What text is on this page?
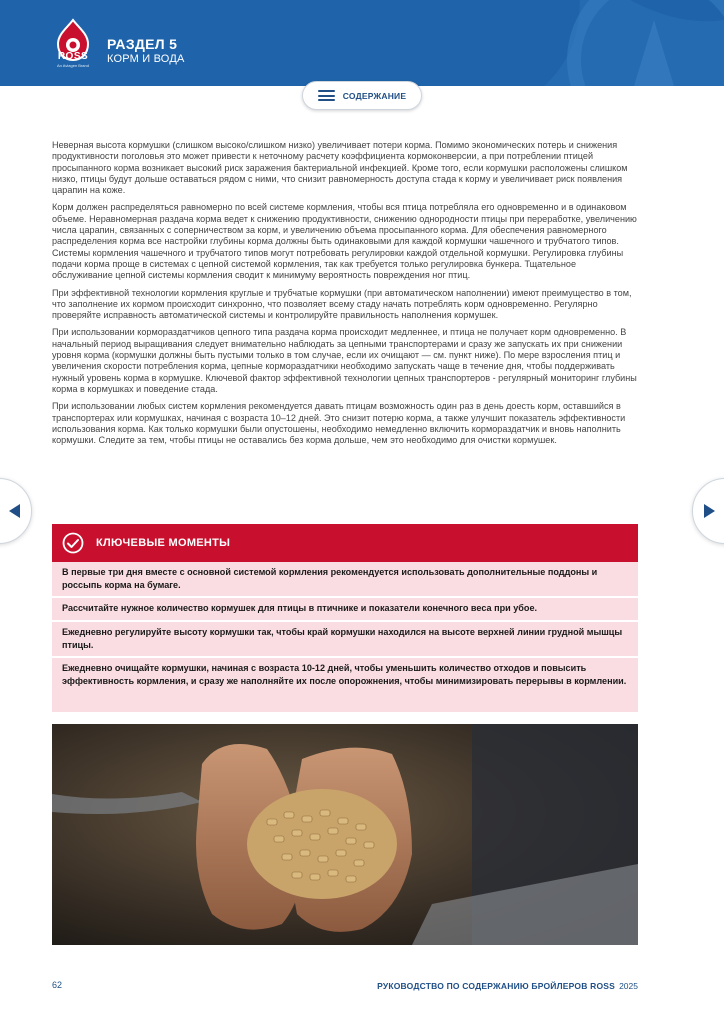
ROSS
An Aviagen Brand
РАЗДЕЛ 5
КОРМ И ВОДА
СОДЕРЖАНИЕ

Неверная высота кормушки (слишком высоко/слишком низко) увеличивает потери корма. Помимо экономических потерь и снижения продуктивности поголовья это может привести к неточному расчету коэффициента кормоконверсии, а при потреблении птицей просыпанного корма возникает высокий риск заражения бактериальной инфекцией. Кроме того, если кормушки расположены слишком низко, птицы будут дольше оставаться рядом с ними, что снизит равномерность доступа стада к корму и увеличивает риск появления царапин на коже.

Корм должен распределяться равномерно по всей системе кормления, чтобы вся птица потребляла его одновременно и в одинаковом объеме. Неравномерная раздача корма ведет к снижению продуктивности, снижению однородности птицы при переработке, увеличению числа царапин, связанных с соперничеством за корм, и увеличению объема просыпанного корма. Для обеспечения равномерного распределения корма все настройки глубины корма должны быть одинаковыми для каждой кормушки чашечного и трубчатого типов. Системы кормления чашечного и трубчатого типов могут потребовать регулировки каждой отдельной кормушки. Регулировка глубины подачи корма проще в системах с цепной системой кормления, так как требуется только регулировка бункера. Тщательное обслуживание цепной системы кормления сводит к минимуму вероятность повреждения ног птиц.

При эффективной технологии кормления круглые и трубчатые кормушки (при автоматическом наполнении) имеют преимущество в том, что заполнение их кормом происходит синхронно, что позволяет всему стаду начать потреблять корм одновременно. Регулярно проверяйте исправность автоматической системы и контролируйте правильность наполнения кормушек.

При использовании кормораздатчиков цепного типа раздача корма происходит медленнее, и птица не получает корм одновременно. В начальный период выращивания следует внимательно наблюдать за цепными транспортерами и сразу же запускать их при снижении уровня корма (кормушки должны быть пустыми только в том случае, если их очищают — см. пункт ниже). По мере взросления птиц и увеличения скорости потребления корма, цепные кормораздатчики необходимо запускать чаще в течение дня, чтобы поддерживать нужный уровень корма в кормушке. Ключевой фактор эффективной технологии цепных транспортеров - регулярный мониторинг глубины корма в кормушках и поведение стада.

При использовании любых систем кормления рекомендуется давать птицам возможность один раз в день доесть корм, оставшийся в транспортерах или кормушках, начиная с возраста 10–12 дней. Это снизит потерю корма, а также улучшит показатель эффективности использования корма. Как только кормушки были опустошены, необходимо немедленно включить кормораздатчик и вновь наполнить кормушки. Следите за тем, чтобы птицы не оставались без корма дольше, чем это необходимо для очистки кормушек.

КЛЮЧЕВЫЕ МОМЕНТЫ
В первые три дня вместе с основной системой кормления рекомендуется использовать дополнительные поддоны и россыпь корма на бумаге.
Рассчитайте нужное количество кормушек для птицы в птичнике и показатели конечного веса при убое.
Ежедневно регулируйте высоту кормушки так, чтобы край кормушки находился на высоте верхней линии грудной мышцы птицы.
Ежедневно очищайте кормушки, начиная с возраста 10-12 дней, чтобы уменьшить количество отходов и повысить эффективность кормления, и сразу же наполняйте их после опорожнения, чтобы минимизировать перерывы в кормлении.
62	РУКОВОДСТВО ПО СОДЕРЖАНИЮ БРОЙЛЕРОВ ROSS 2025
